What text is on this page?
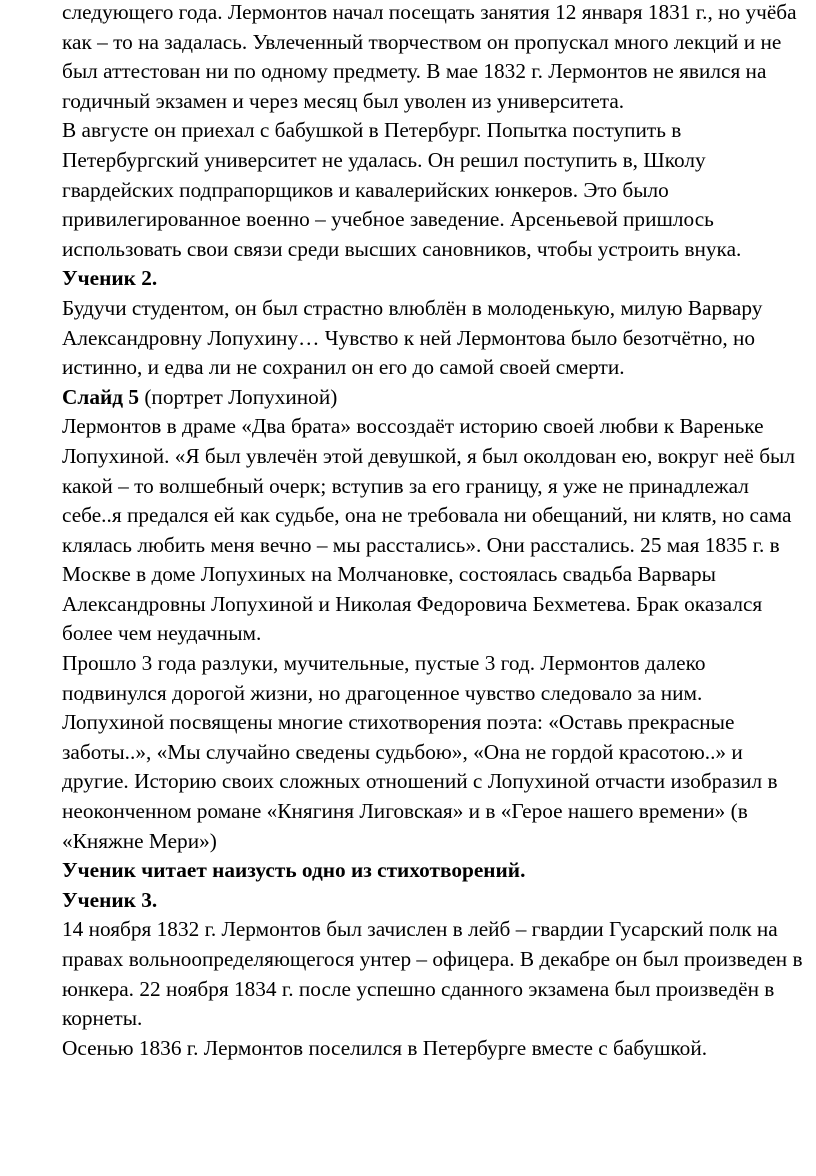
следующего года. Лермонтов начал посещать занятия 12 января 1831 г., но учёба как – то на задалась. Увлеченный творчеством он пропускал много лекций и не был аттестован ни по одному предмету. В мае 1832 г. Лермонтов не явился на годичный экзамен и через месяц был уволен из университета.

В августе он приехал с бабушкой в Петербург. Попытка поступить в Петербургский университет не удалась. Он решил поступить в, Школу гвардейских подпрапорщиков и кавалерийских юнкеров. Это было привилегированное военно – учебное заведение. Арсеньевой пришлось использовать свои связи среди высших сановников, чтобы устроить внука.

Ученик 2.

Будучи студентом, он был страстно влюблён в молоденькую, милую Варвару Александровну Лопухину… Чувство к ней Лермонтова было безотчётно, но истинно, и едва ли не сохранил он его до самой своей смерти.

Слайд 5 (портрет Лопухиной)

Лермонтов в драме «Два брата» воссоздаёт историю своей любви к Вареньке Лопухиной. «Я был увлечён этой девушкой, я был околдован ею, вокруг неё был какой – то волшебный очерк; вступив за его границу, я уже не принадлежал себе..я предался ей как судьбе, она не требовала ни обещаний, ни клятв, но сама клялась любить меня вечно – мы расстались». Они расстались. 25 мая 1835 г. в Москве в доме Лопухиных на Молчановке, состоялась свадьба Варвары Александровны Лопухиной и Николая Федоровича Бехметева. Брак оказался более чем неудачным.

Прошло 3 года разлуки, мучительные, пустые 3 год. Лермонтов далеко подвинулся дорогой жизни, но драгоценное чувство следовало за ним. Лопухиной посвящены многие стихотворения поэта: «Оставь прекрасные заботы..», «Мы случайно сведены судьбою», «Она не гордой красотою..» и другие. Историю своих сложных отношений с Лопухиной отчасти изобразил в неоконченном романе «Княгиня Лиговская» и в «Герое нашего времени» (в «Княжне Мери»)

Ученик читает наизусть одно из стихотворений.

Ученик 3.

14 ноября 1832 г. Лермонтов был зачислен в лейб – гвардии Гусарский полк на правах вольноопределяющегося унтер – офицера. В декабре он был произведен в юнкера. 22 ноября 1834 г. после успешно сданного экзамена был произведён в корнеты.

Осенью 1836 г. Лермонтов поселился в Петербурге вместе с бабушкой.
